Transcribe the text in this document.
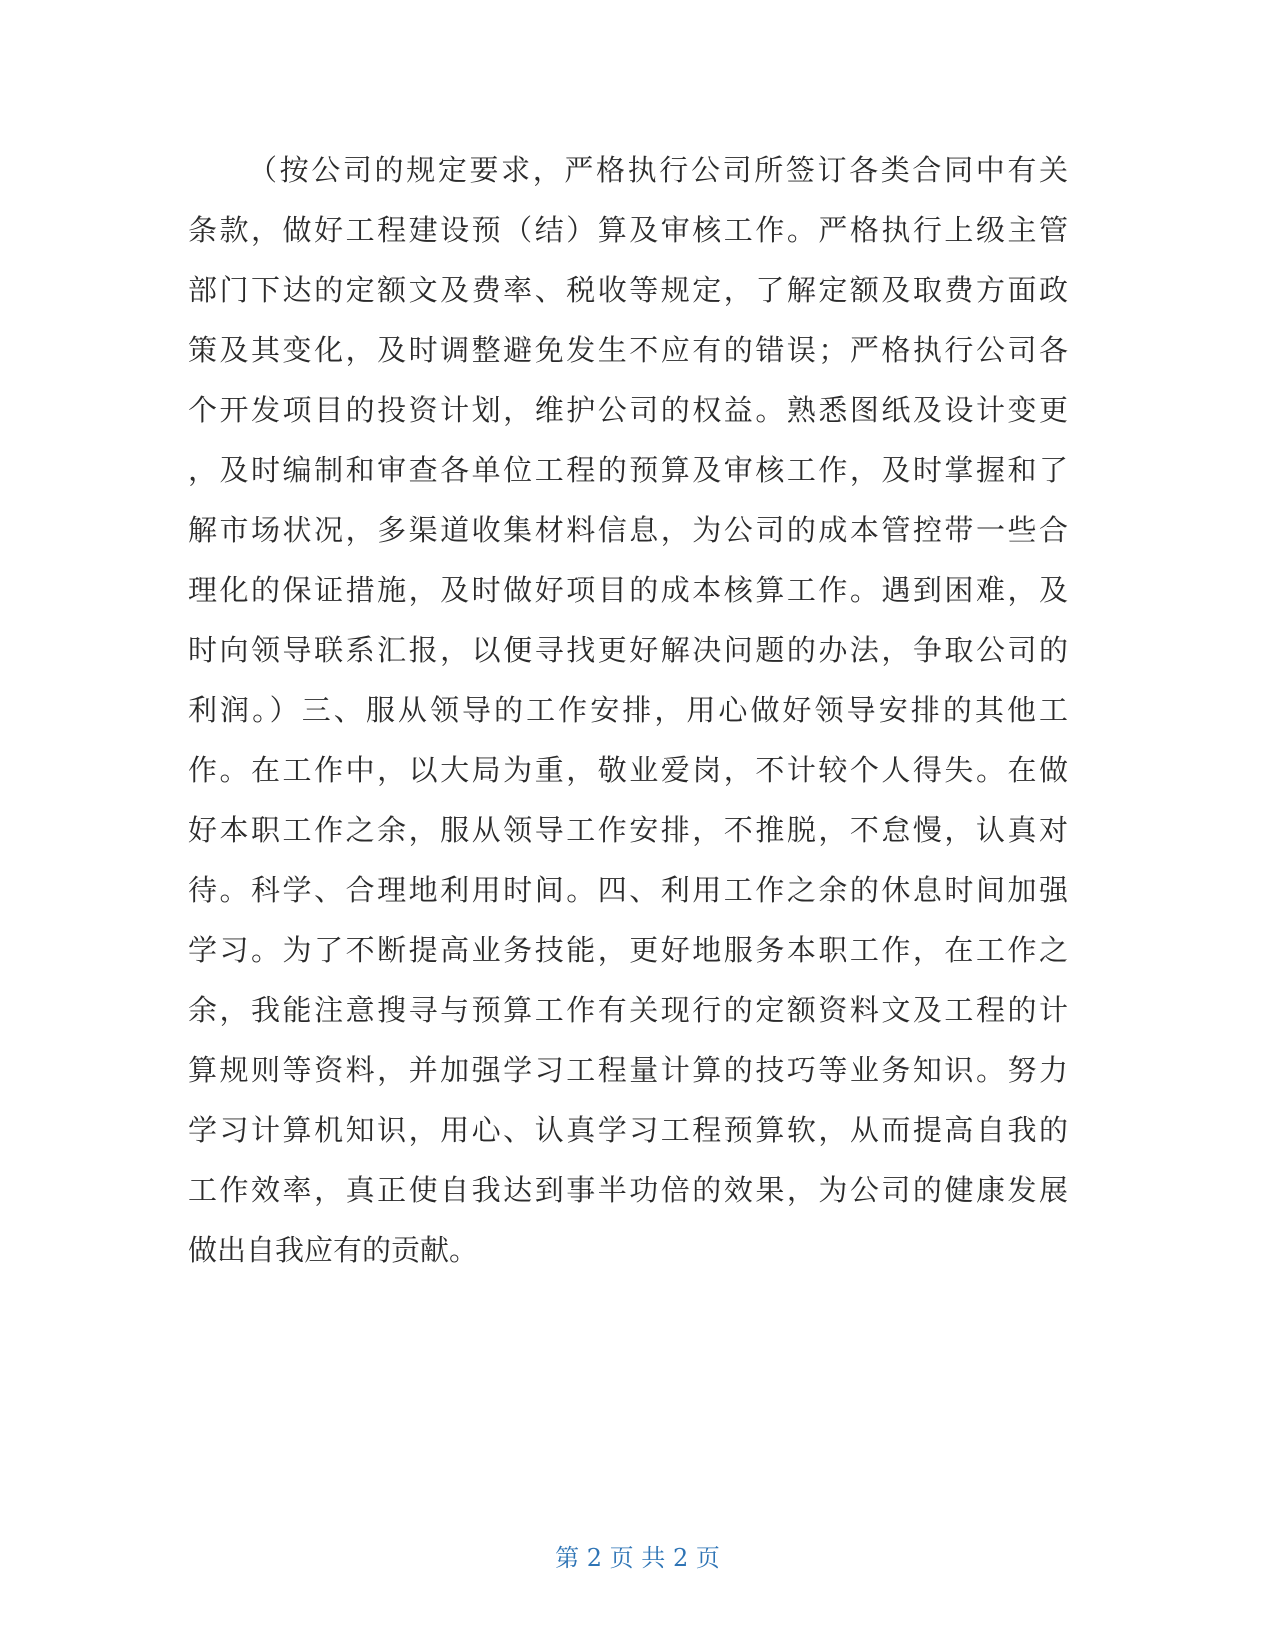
（按公司的规定要求，严格执行公司所签订各类合同中有关
条款，做好工程建设预（结）算及审核工作。严格执行上级主管
部门下达的定额文及费率、税收等规定，了解定额及取费方面政
策及其变化，及时调整避免发生不应有的错误；严格执行公司各
个开发项目的投资计划，维护公司的权益。熟悉图纸及设计变更
，及时编制和审查各单位工程的预算及审核工作，及时掌握和了
解市场状况，多渠道收集材料信息，为公司的成本管控带一些合
理化的保证措施，及时做好项目的成本核算工作。遇到困难，及
时向领导联系汇报，以便寻找更好解决问题的办法，争取公司的
利润。）三、服从领导的工作安排，用心做好领导安排的其他工
作。在工作中，以大局为重，敬业爱岗，不计较个人得失。在做
好本职工作之余，服从领导工作安排，不推脱，不怠慢，认真对
待。科学、合理地利用时间。四、利用工作之余的休息时间加强
学习。为了不断提高业务技能，更好地服务本职工作，在工作之
余，我能注意搜寻与预算工作有关现行的定额资料文及工程的计
算规则等资料，并加强学习工程量计算的技巧等业务知识。努力
学习计算机知识，用心、认真学习工程预算软，从而提高自我的
工作效率，真正使自我达到事半功倍的效果，为公司的健康发展
做出自我应有的贡献。
第 2 页 共 2 页
